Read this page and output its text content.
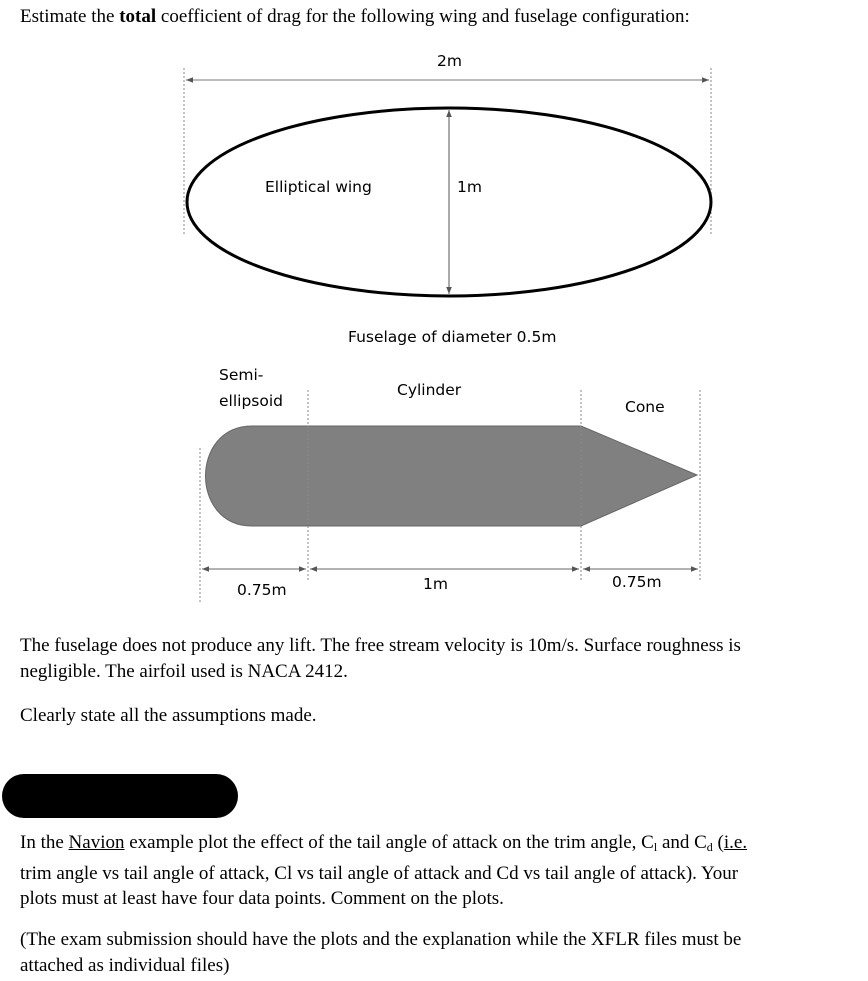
Estimate the total coefficient of drag for the following wing and fuselage configuration:
2m
Elliptical wing	1m
Fuselage of diameter 0.5m
Semi-
ellipsoid
Cylinder
Cone
0.75m	1m	0.75m
The fuselage does not produce any lift. The free stream velocity is 10m/s. Surface roughness is
negligible. The airfoil used is NACA 2412.
Clearly state all the assumptions made.
In the Navion example plot the effect of the tail angle of attack on the trim angle, $C_l$ and $C_d$ (i.e.
trim angle vs tail angle of attack, Cl vs tail angle of attack and Cd vs tail angle of attack). Your
plots must at least have four data points. Comment on the plots.
(The exam submission should have the plots and the explanation while the XFLR files must be
attached as individual files)
